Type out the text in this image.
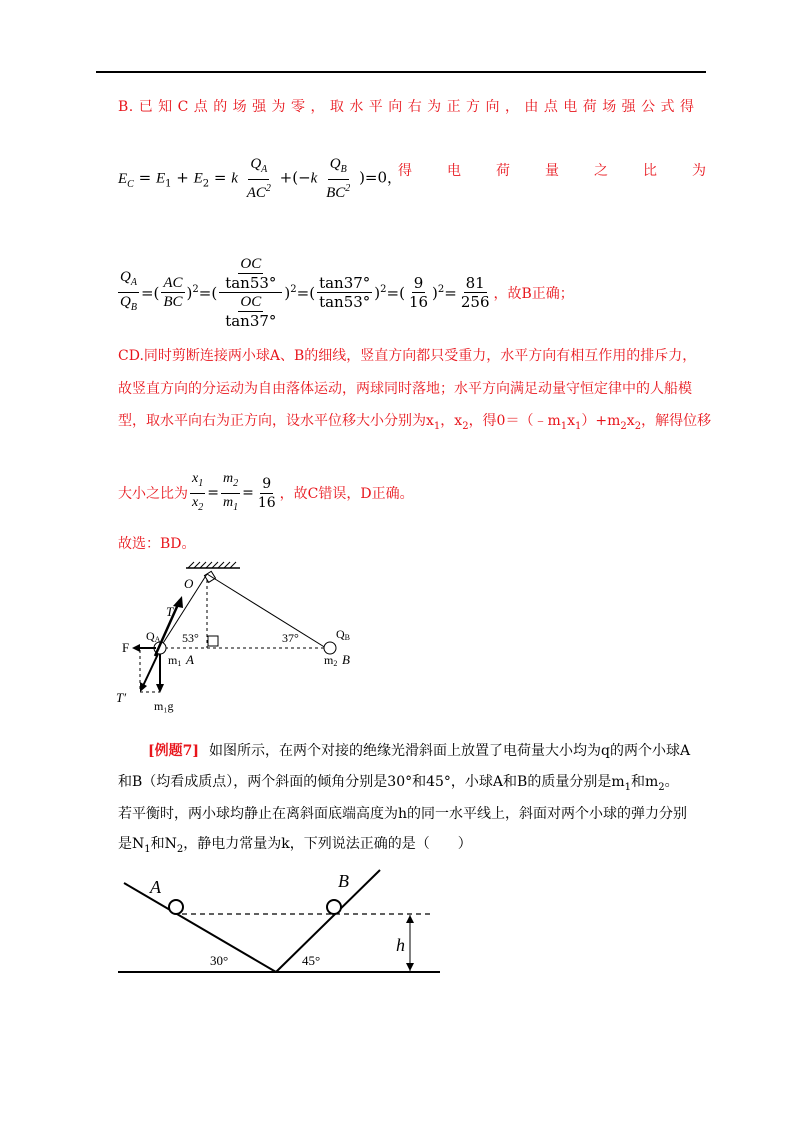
B. 已 知 C 点 的 场 强 为 零 ， 取 水 平 向 右 为 正 方 向 ， 由 点 电 荷 场 强 公 式 得
$E_C = E_1 + E_2 = k \frac{Q_A}{AC^2} +(-k \frac{Q_B}{BC^2} )=0$，
得	电	荷	量	之	比	为
$\frac{Q_A}{Q_B}$ =( $\frac{AC}{BC} )^2=( \frac{\frac{OC}{\tan 53^\circ}}{\frac{OC}{\tan 37^\circ}} )^2=( \frac{\tan 37^\circ}{\tan 53^\circ} )^2=( \frac{9}{16} )^2= \frac{81}{256}$ ，故B正确；
CD.同时剪断连接两小球A、B的细线，竖直方向都只受重力，水平方向有相互作用的排斥力，
故竖直方向的分运动为自由落体运动，两球同时落地；水平方向满足动量守恒定律中的人船模
型，取水平向右为正方向，设水平位移大小分别为$x_1$，$x_2$，得$0=(﹣m_1x_1)+m_2x_2$，解得位移
大小之比为 $\frac{x_1}{x_2} = \frac{m_2}{m_1} = \frac{9}{16}$ ，故C错误，D正确。
故选：BD。
O
T
F
T′
B
A
QA	QB
53°	37°
m1	m2
m₁g
[例题7] 如图所示，在两个对接的绝缘光滑斜面上放置了电荷量大小均为q的两个小球A
和B（均看成质点），两个斜面的倾角分别是30°和45°，小球A和B的质量分别是$m_1$和$m_2$。
若平衡时，两小球均静止在离斜面底端高度为h的同一水平线上，斜面对两个小球的弹力分别
是$N_1$和$N_2$，静电力常量为k，下列说法正确的是（　　）
A	B
h
30°	45°
